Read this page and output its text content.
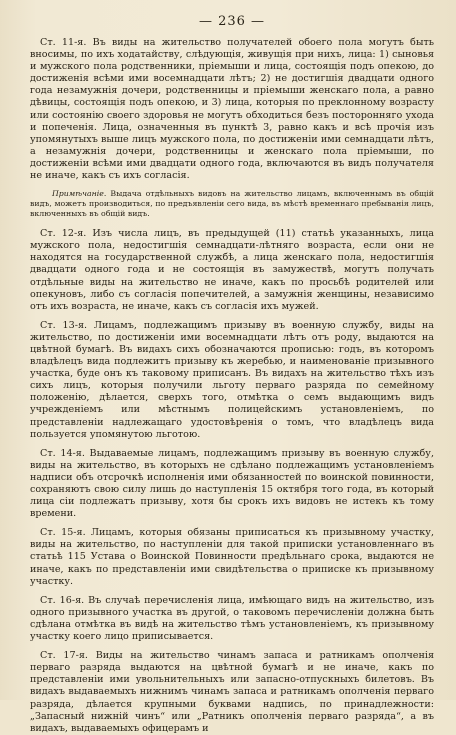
— 236 —

Ст. 11-я. Въ виды на жительство получателей обоего пола могутъ быть вносимы, по ихъ ходатайству, слѣдующія, живущія при нихъ, лица: 1) сыновья и мужского пола родственники, пріемыши и лица, состоящія подъ опекою, до достиженія всѣми ими восемнадцати лѣтъ; 2) не достигшія двадцати одного года незамужнія дочери, родственницы и пріемыши женскаго пола, а равно дѣвицы, состоящія подъ опекою, и 3) лица, которыя по преклонному возрасту или состоянію своего здоровья не могутъ обходиться безъ посторонняго ухода и попеченія. Лица, означенныя въ пунктѣ 3, равно какъ и всѣ прочія изъ упомянутыхъ выше лицъ мужского пола, по достиженіи ими семнадцати лѣтъ, а незамужнія дочери, родственницы и женскаго пола пріемыши, по достиженіи всѣми ими двадцати одного года, включаются въ видъ получателя не иначе, какъ съ ихъ согласія.

Примѣчаніе. Выдача отдѣльныхъ видовъ на жительство лицамъ, включеннымъ въ общій видъ, можетъ производиться, по предъявленіи сего вида, въ мѣстѣ временнаго пребыванія лицъ, включенныхъ въ общій видъ.

Ст. 12-я. Изъ числа лицъ, въ предыдущей (11) статьѣ указанныхъ, лица мужского пола, недостигшія семнадцати-лѣтняго возраста, если они не находятся на государственной службѣ, а лица женскаго пола, недостигшія двадцати одного года и не состоящія въ замужествѣ, могутъ получать отдѣльные виды на жительство не иначе, какъ по просьбѣ родителей или опекуновъ, либо съ согласія попечителей, а замужнія женщины, независимо отъ ихъ возраста, не иначе, какъ съ согласія ихъ мужей.

Ст. 13-я. Лицамъ, подлежащимъ призыву въ военную службу, виды на жительство, по достиженіи ими восемнадцати лѣтъ отъ роду, выдаются на цвѣтной бумагѣ. Въ видахъ сихъ обозначаются прописью: годъ, въ которомъ владѣлецъ вида подлежитъ призыву къ жеребью, и наименованіе призывного участка, буде онъ къ таковому приписанъ. Въ видахъ на жительство тѣхъ изъ сихъ лицъ, которыя получили льготу перваго разряда по семейному положенію, дѣлается, сверхъ того, отмѣтка о семъ выдающимъ видъ учрежденіемъ или мѣстнымъ полицейскимъ установленіемъ, по представленіи надлежащаго удостовѣренія о томъ, что владѣлецъ вида пользуется упомянутою льготою.

Ст. 14-я. Выдаваемые лицамъ, подлежащимъ призыву въ военную службу, виды на жительство, въ которыхъ не сдѣлано подлежащимъ установленіемъ надписи объ отсрочкѣ исполненія ими обязанностей по воинской повинности, сохраняютъ свою силу лишь до наступленія 15 октября того года, въ который лица сіи подлежатъ призыву, хотя бы срокъ ихъ видовъ не истекъ къ тому времени.

Ст. 15-я. Лицамъ, которыя обязаны приписаться къ призывному участку, виды на жительство, по наступленіи для такой приписки установленнаго въ статьѣ 115 Устава о Воинской Повинности предѣльнаго срока, выдаются не иначе, какъ по представленіи ими свидѣтельства о приписке къ призывному участку.

Ст. 16-я. Въ случаѣ перечисленія лица, имѣющаго видъ на жительство, изъ одного призывного участка въ другой, о таковомъ перечисленіи должна быть сдѣлана отмѣтка въ видѣ на жительство тѣмъ установленіемъ, къ призывному участку коего лицо приписывается.

Ст. 17-я. Виды на жительство чинамъ запаса и ратникамъ ополченія перваго разряда выдаются на цвѣтной бумагѣ и не иначе, какъ по представленіи ими увольнительныхъ или запасно-отпускныхъ билетовъ. Въ видахъ выдаваемыхъ нижнимъ чинамъ запаса и ратникамъ ополченія перваго разряда, дѣлается крупными буквами надпись, по принадлежности: „Запасный нижній чинъ“ или „Ратникъ ополченія перваго разряда“, а въ видахъ, выдаваемыхъ офицерамъ и
